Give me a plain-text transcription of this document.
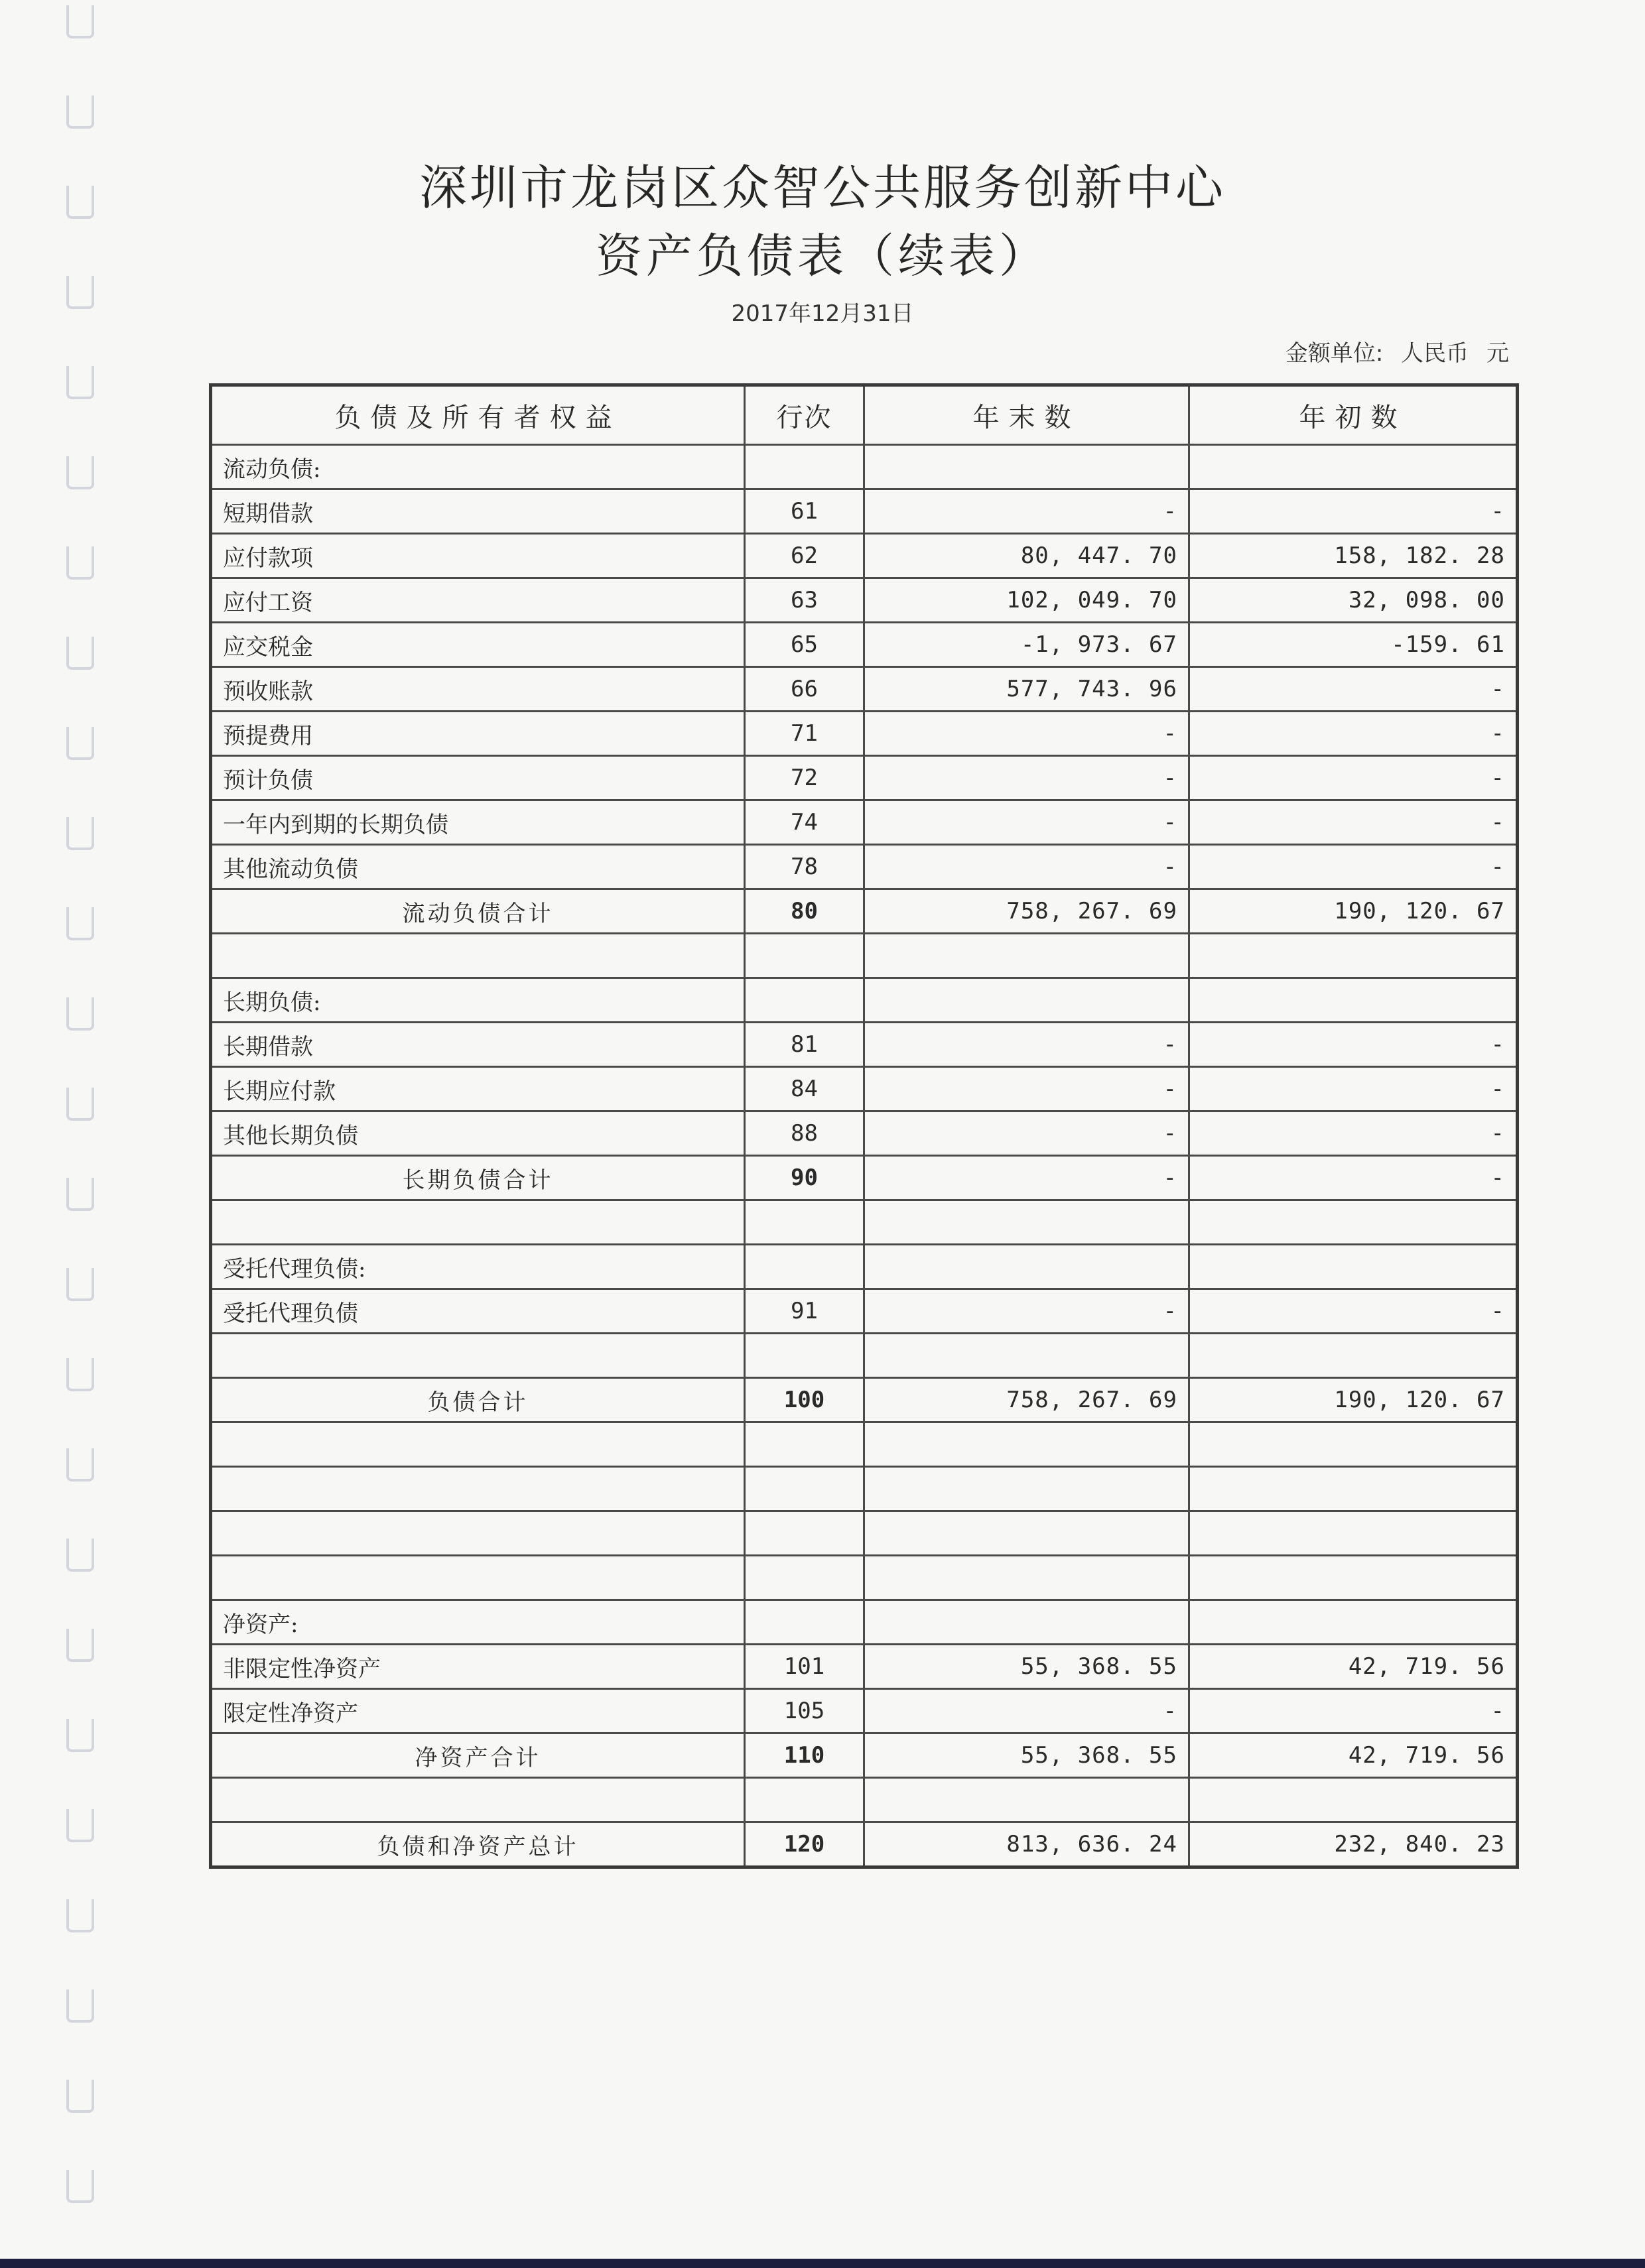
深圳市龙岗区众智公共服务创新中心
资产负债表（续表）
2017年12月31日
金额单位: 人民币 元
负债及所有者权益	行次	年末数	年初数
流动负债:			
短期借款	61	-	-
应付款项	62	80, 447. 70	158, 182. 28
应付工资	63	102, 049. 70	32, 098. 00
应交税金	65	-1, 973. 67	-159. 61
预收账款	66	577, 743. 96	-
预提费用	71	-	-
预计负债	72	-	-
一年内到期的长期负债	74	-	-
其他流动负债	78	-	-
流动负债合计	80	758, 267. 69	190, 120. 67

长期负债:			
长期借款	81	-	-
长期应付款	84	-	-
其他长期负债	88	-	-
长期负债合计	90	-	-

受托代理负债:			
受托代理负债	91	-	-

负债合计	100	758, 267. 69	190, 120. 67

净资产:			
非限定性净资产	101	55, 368. 55	42, 719. 56
限定性净资产	105	-	-
净资产合计	110	55, 368. 55	42, 719. 56

负债和净资产总计	120	813, 636. 24	232, 840. 23
